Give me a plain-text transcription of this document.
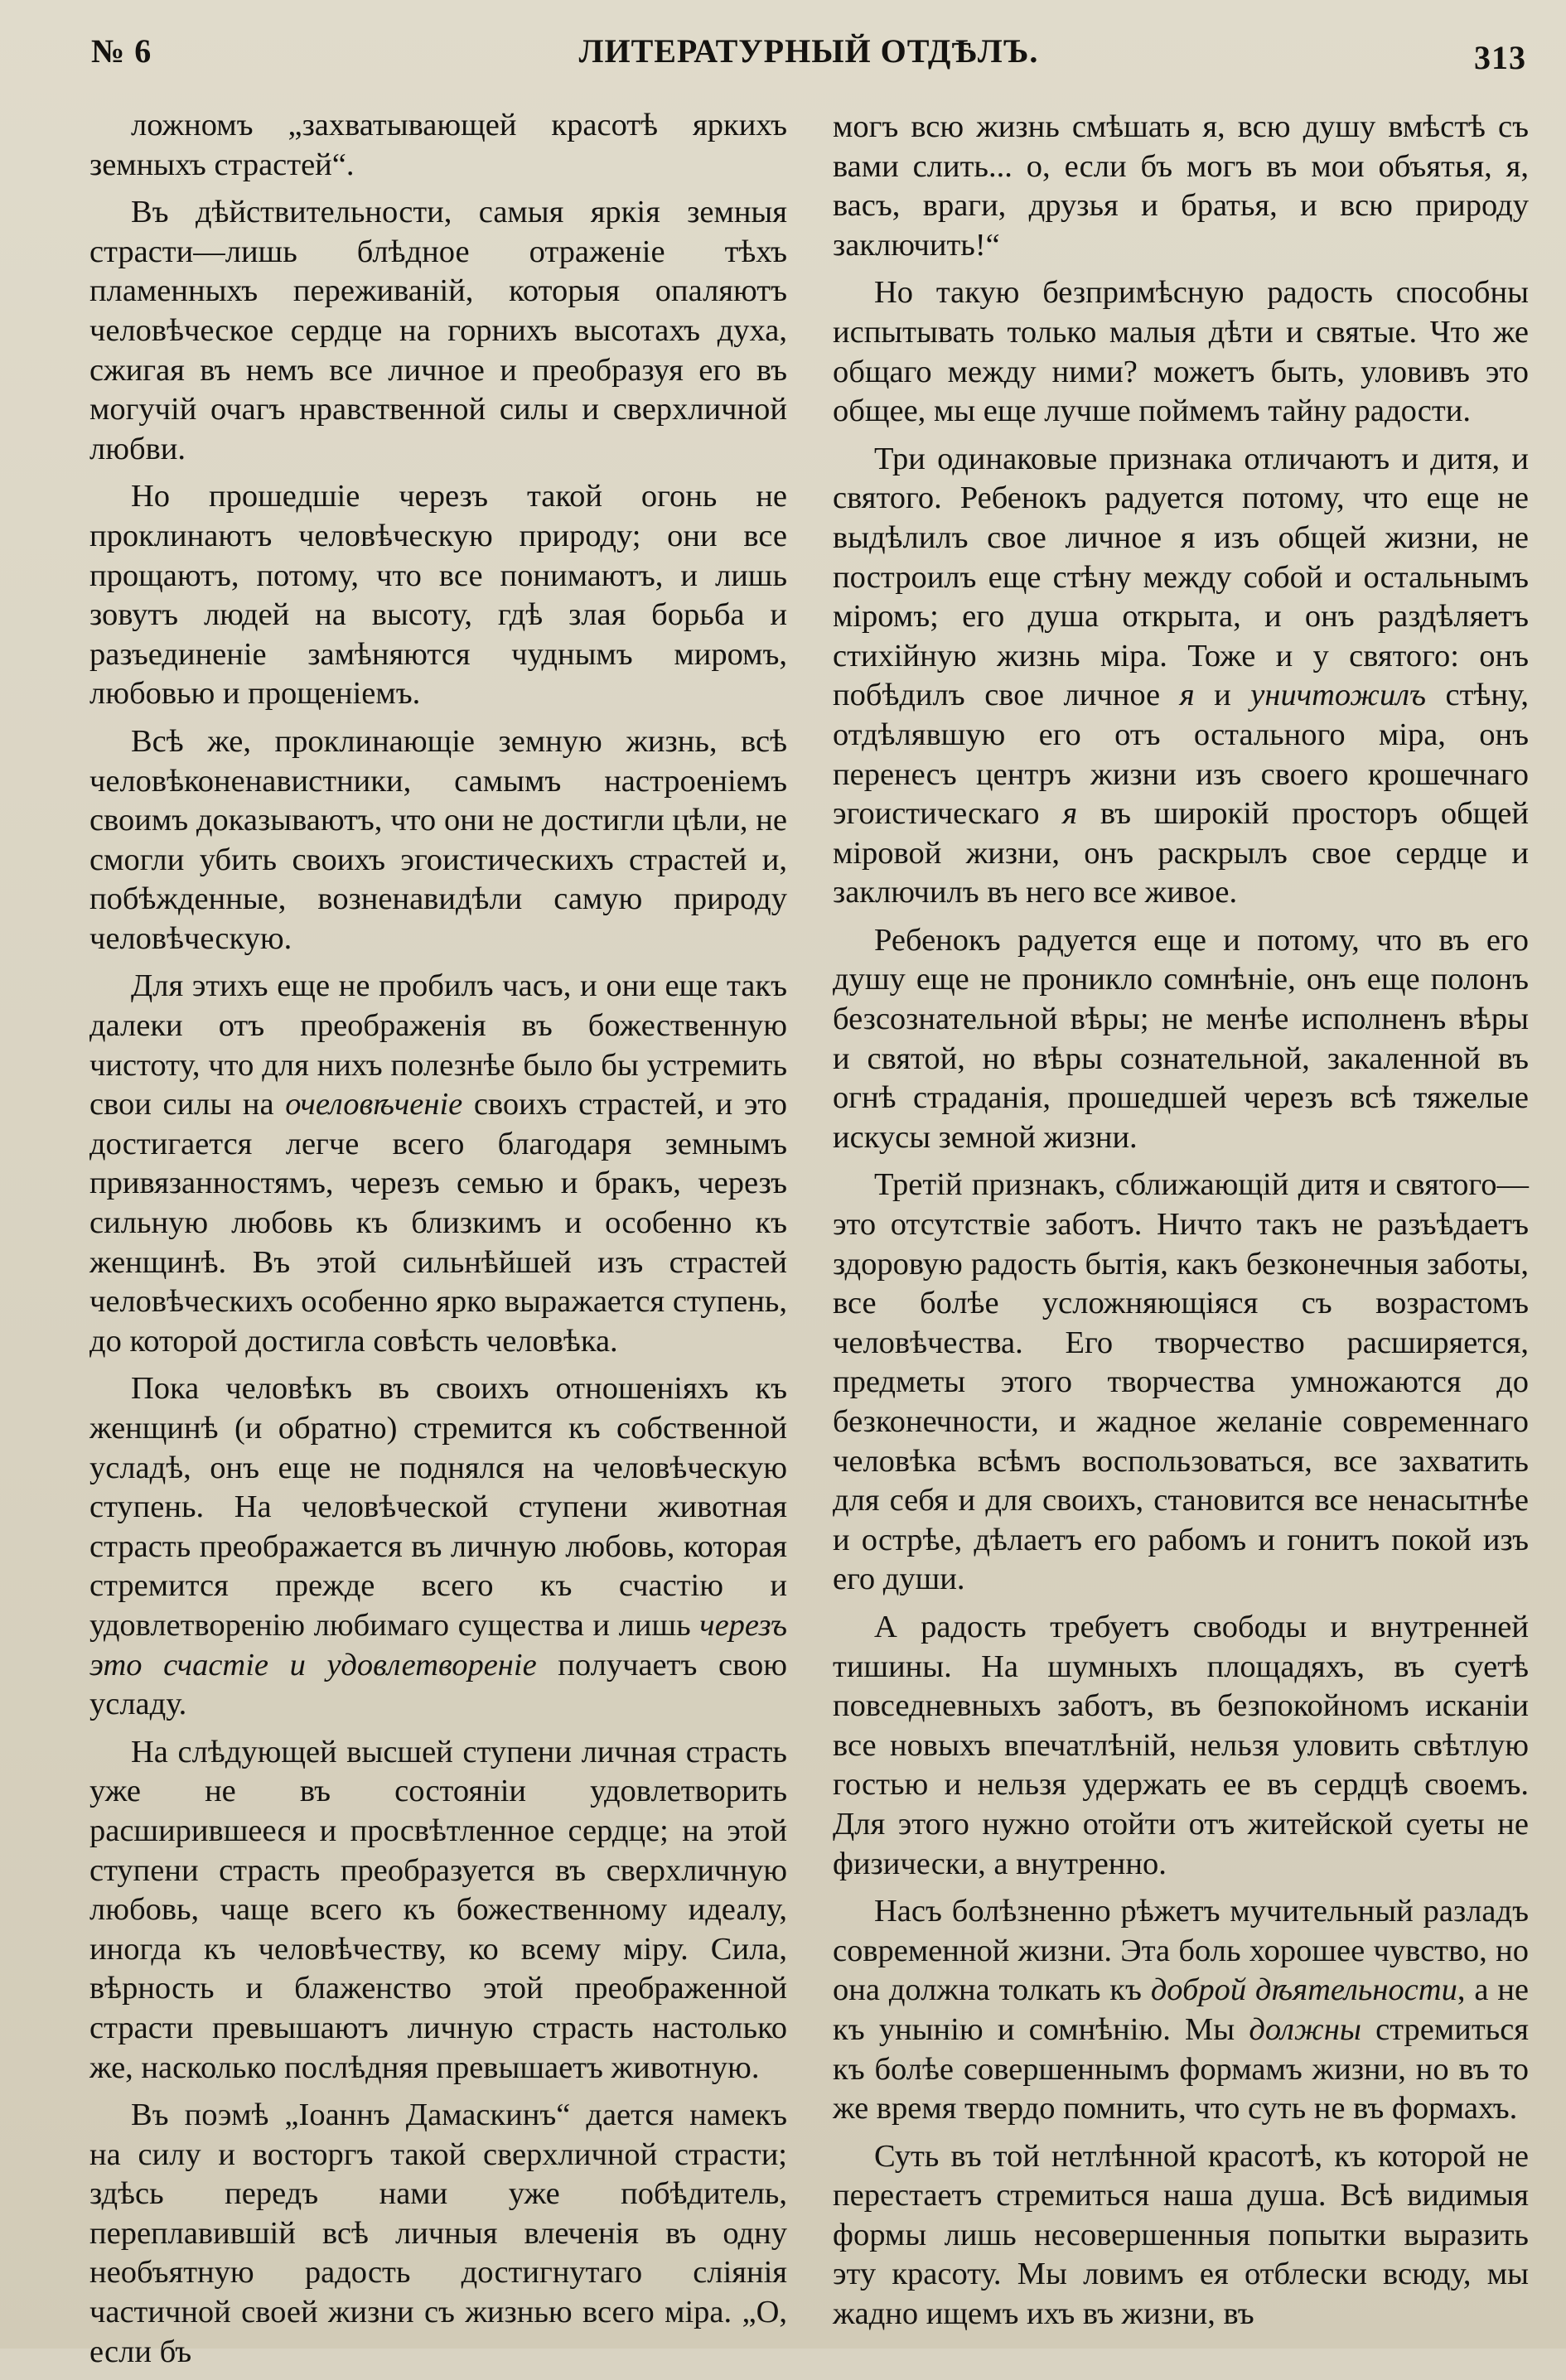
№ 6	ЛИТЕРАТУРНЫЙ ОТДѢЛЪ.	313

ложномъ „захватывающей красотѣ яркихъ земныхъ страстей“.

Въ дѣйствительности, самыя яркія земныя страсти—лишь блѣдное отраженіе тѣхъ пламенныхъ переживаній, которыя опаляютъ человѣческое сердце на горнихъ высотахъ духа, сжигая въ немъ все личное и преобразуя его въ могучій очагъ нравственной силы и сверхличной любви.

Но прошедшіе черезъ такой огонь не проклинаютъ человѣческую природу; они все прощаютъ, потому, что все понимаютъ, и лишь зовутъ людей на высоту, гдѣ злая борьба и разъединеніе замѣняются чуднымъ миромъ, любовью и прощеніемъ.

Всѣ же, проклинающіе земную жизнь, всѣ человѣконенавистники, самымъ настроеніемъ своимъ доказываютъ, что они не достигли цѣли, не смогли убить своихъ эгоистическихъ страстей и, побѣжденные, возненавидѣли самую природу человѣческую.

Для этихъ еще не пробилъ часъ, и они еще такъ далеки отъ преображенія въ божественную чистоту, что для нихъ полезнѣе было бы устремить свои силы на очеловѣченіе своихъ страстей, и это достигается легче всего благодаря земнымъ привязанностямъ, черезъ семью и бракъ, черезъ сильную любовь къ близкимъ и особенно къ женщинѣ. Въ этой сильнѣйшей изъ страстей человѣческихъ особенно ярко выражается ступень, до которой достигла совѣсть человѣка.

Пока человѣкъ въ своихъ отношеніяхъ къ женщинѣ (и обратно) стремится къ собственной усладѣ, онъ еще не поднялся на человѣческую ступень. На человѣческой ступени животная страсть преображается въ личную любовь, которая стремится прежде всего къ счастію и удовлетворенію любимаго существа и лишь черезъ это счастіе и удовлетвореніе получаетъ свою усладу.

На слѣдующей высшей ступени личная страсть уже не въ состояніи удовлетворить расширившееся и просвѣтленное сердце; на этой ступени страсть преобразуется въ сверхличную любовь, чаще всего къ божественному идеалу, иногда къ человѣчеству, ко всему міру. Сила, вѣрность и блаженство этой преображенной страсти превышаютъ личную страсть настолько же, насколько послѣдняя превышаетъ животную.

Въ поэмѣ „Іоаннъ Дамаскинъ“ дается намекъ на силу и восторгъ такой сверхличной страсти; здѣсь передъ нами уже побѣдитель, переплавившій всѣ личныя влеченія въ одну необъятную радость достигнутаго слiянія частичной своей жизни съ жизнью всего міра. „О, если бъ

могъ всю жизнь смѣшать я, всю душу вмѣстѣ съ вами слить... о, если бъ могъ въ мои объятья, я, васъ, враги, друзья и братья, и всю природу заключить!“

Но такую безпримѣсную радость способны испытывать только малыя дѣти и святые. Что же общаго между ними? можетъ быть, уловивъ это общее, мы еще лучше поймемъ тайну радости.

Три одинаковые признака отличаютъ и дитя, и святого. Ребенокъ радуется потому, что еще не выдѣлилъ свое личное я изъ общей жизни, не построилъ еще стѣну между собой и остальнымъ міромъ; его душа открыта, и онъ раздѣляетъ стихійную жизнь міра. Тоже и у святого: онъ побѣдилъ свое личное я и уничтожилъ стѣну, отдѣлявшую его отъ остального міра, онъ перенесъ центръ жизни изъ своего крошечнаго эгоистическаго я въ широкій просторъ общей міровой жизни, онъ раскрылъ свое сердце и заключилъ въ него все живое.

Ребенокъ радуется еще и потому, что въ его душу еще не проникло сомнѣніе, онъ еще полонъ безсознательной вѣры; не менѣе исполненъ вѣры и святой, но вѣры сознательной, закаленной въ огнѣ страданія, прошедшей черезъ всѣ тяжелые искусы земной жизни.

Третій признакъ, сближающій дитя и святого—это отсутствіе заботъ. Ничто такъ не разъѣдаетъ здоровую радость бытія, какъ безконечныя заботы, все болѣе усложняющіяся съ возрастомъ человѣчества. Его творчество расширяется, предметы этого творчества умножаются до безконечности, и жадное желаніе современнаго человѣка всѣмъ воспользоваться, все захватить для себя и для своихъ, становится все ненасытнѣе и острѣе, дѣлаетъ его рабомъ и гонитъ покой изъ его души.

А радость требуетъ свободы и внутренней тишины. На шумныхъ площадяхъ, въ суетѣ повседневныхъ заботъ, въ безпокойномъ исканіи все новыхъ впечатлѣній, нельзя уловить свѣтлую гостью и нельзя удержать ее въ сердцѣ своемъ. Для этого нужно отойти отъ житейской суеты не физически, а внутренно.

Насъ болѣзненно рѣжетъ мучительный разладъ современной жизни. Эта боль хорошее чувство, но она должна толкать къ доброй дѣятельности, а не къ унынію и сомнѣнію. Мы должны стремиться къ болѣе совершеннымъ формамъ жизни, но въ то же время твердо помнить, что суть не въ формахъ.

Суть въ той нетлѣнной красотѣ, къ которой не перестаетъ стремиться наша душа. Всѣ видимыя формы лишь несовершенныя попытки выразить эту красоту. Мы ловимъ ея отблески всюду, мы жадно ищемъ ихъ въ жизни, въ
